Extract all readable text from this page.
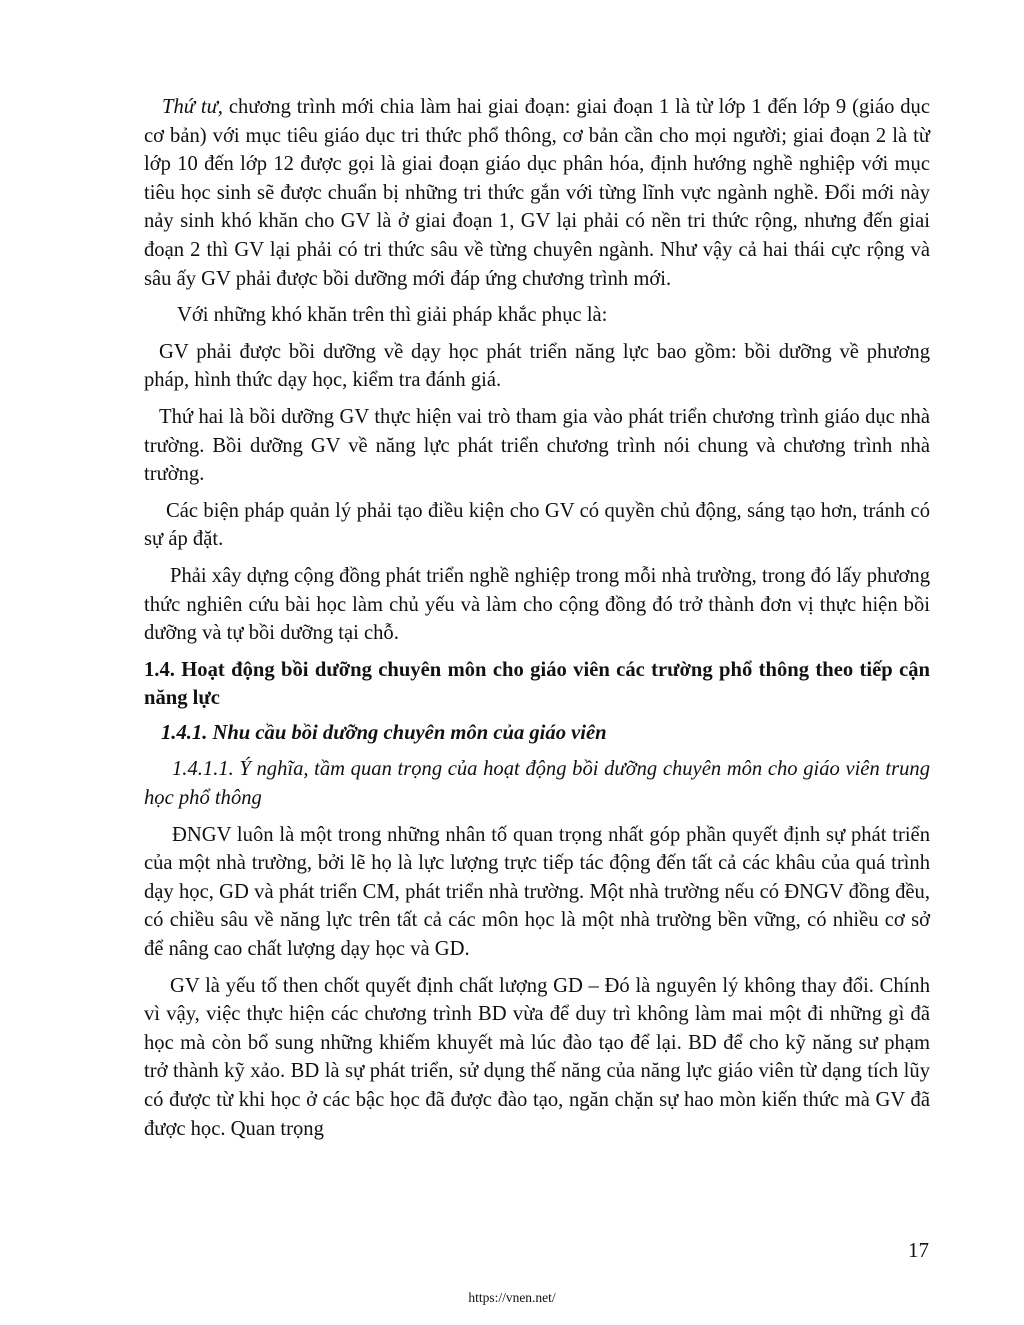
Thứ tư, chương trình mới chia làm hai giai đoạn: giai đoạn 1 là từ lớp 1 đến lớp 9 (giáo dục cơ bản) với mục tiêu giáo dục tri thức phổ thông, cơ bản cần cho mọi người; giai đoạn 2 là từ lớp 10 đến lớp 12 được gọi là giai đoạn giáo dục phân hóa, định hướng nghề nghiệp với mục tiêu học sinh sẽ được chuẩn bị những tri thức gắn với từng lĩnh vực ngành nghề. Đổi mới này nảy sinh khó khăn cho GV là ở giai đoạn 1, GV lại phải có nền tri thức rộng, nhưng đến giai đoạn 2 thì GV lại phải có tri thức sâu về từng chuyên ngành. Như vậy cả hai thái cực rộng và sâu ấy GV phải được bồi dưỡng mới đáp ứng chương trình mới.

Với những khó khăn trên thì giải pháp khắc phục là:

GV phải được bồi dưỡng về dạy học phát triển năng lực bao gồm: bồi dưỡng về phương pháp, hình thức dạy học, kiểm tra đánh giá.

Thứ hai là bồi dưỡng GV thực hiện vai trò tham gia vào phát triển chương trình giáo dục nhà trường. Bồi dưỡng GV về năng lực phát triển chương trình nói chung và chương trình nhà trường.

Các biện pháp quản lý phải tạo điều kiện cho GV có quyền chủ động, sáng tạo hơn, tránh có sự áp đặt.

Phải xây dựng cộng đồng phát triển nghề nghiệp trong mỗi nhà trường, trong đó lấy phương thức nghiên cứu bài học làm chủ yếu và làm cho cộng đồng đó trở thành đơn vị thực hiện bồi dưỡng và tự bồi dưỡng tại chỗ.

1.4. Hoạt động bồi dưỡng chuyên môn cho giáo viên các trường phổ thông theo tiếp cận năng lực

1.4.1. Nhu cầu bồi dưỡng chuyên môn của giáo viên

1.4.1.1. Ý nghĩa, tầm quan trọng của hoạt động bồi dưỡng chuyên môn cho giáo viên trung học phổ thông

ĐNGV luôn là một trong những nhân tố quan trọng nhất góp phần quyết định sự phát triển của một nhà trường, bởi lẽ họ là lực lượng trực tiếp tác động đến tất cả các khâu của quá trình dạy học, GD và phát triển CM, phát triển nhà trường. Một nhà trường nếu có ĐNGV đồng đều, có chiều sâu về năng lực trên tất cả các môn học là một nhà trường bền vững, có nhiều cơ sở để nâng cao chất lượng dạy học và GD.

GV là yếu tố then chốt quyết định chất lượng GD – Đó là nguyên lý không thay đổi. Chính vì vậy, việc thực hiện các chương trình BD vừa để duy trì không làm mai một đi những gì đã học mà còn bổ sung những khiếm khuyết mà lúc đào tạo để lại. BD để cho kỹ năng sư phạm trở thành kỹ xảo. BD là sự phát triển, sử dụng thế năng của năng lực giáo viên từ dạng tích lũy có được từ khi học ở các bậc học đã được đào tạo, ngăn chặn sự hao mòn kiến thức mà GV đã được học. Quan trọng

17
https://vnen.net/
